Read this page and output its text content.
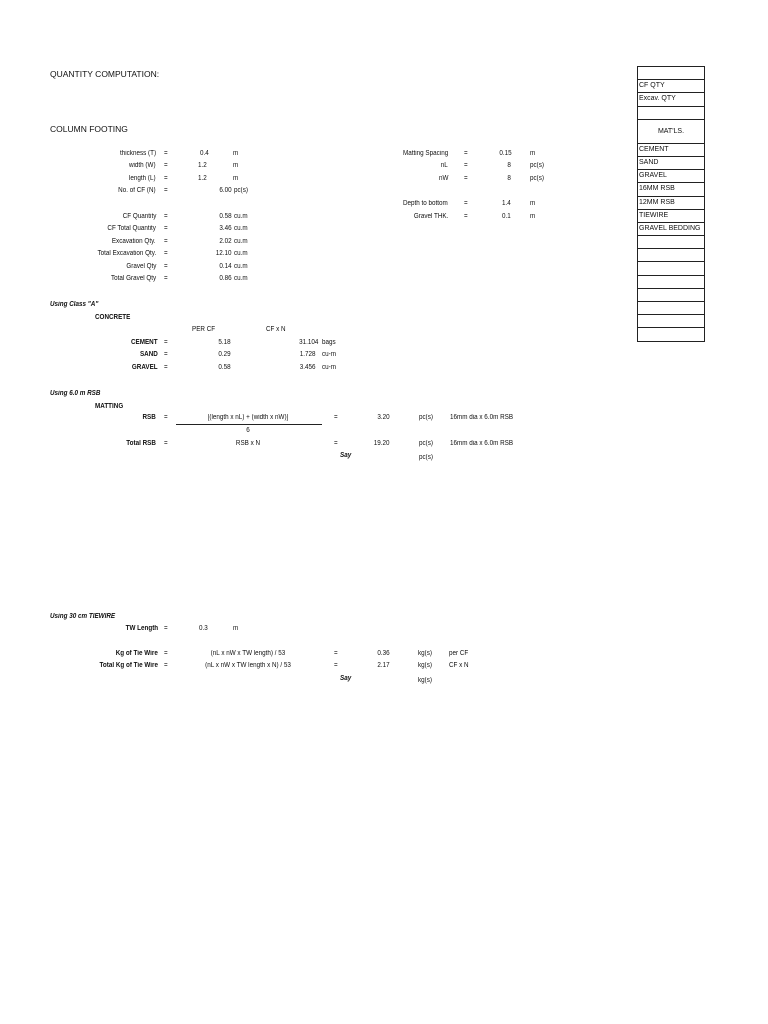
QUANTITY COMPUTATION:
COLUMN FOOTING
thickness (T) =	0.4	m
width (W) =	1.2	m
length (L) =	1.2	m
No. of CF (N) =	6.00 pc(s)
CF Quantity =	0.58 cu.m
CF Total Quantity =	3.46 cu.m
Excavation Qty. =	2.02 cu.m
Total Excavation Qty. =	12.10 cu.m
Gravel Qty =	0.14 cu.m
Total Gravel Qty =	0.86 cu.m
Matting Spacing =	0.15	m
nL =	8	pc(s)
nW =	8	pc(s)
Depth to bottom =	1.4	m
Gravel THK. =	0.1	m
Using Class "A"
CONCRETE
PER CF	CF x N
CEMENT =	5.18	31.104 bags
SAND =	0.29	1.728 cu-m
GRAVEL =	0.58	3.456 cu-m
Using 6.0 m RSB
MATTING
RSB =	[(length x nL) + (width x nW)]
6
=	3.20	pc(s) 16mm dia x 6.0m RSB
Total RSB =	RSB x N	=	19.20	pc(s) 16mm dia x 6.0m RSB
Say	pc(s)
Using 30 cm TIEWIRE
TW Length =	0.3	m
Kg of Tie Wire =	(nL x nW x TW length) / 53	=	0.36	kg(s) per CF
Total Kg of Tie Wire =	(nL x nW x TW length x N) / 53	=	2.17	kg(s) CF x N
Say	kg(s)
CF QTY
Excav. QTY
MAT'LS.
CEMENT
SAND
GRAVEL
16MM RSB
12MM RSB
TIEWIRE
GRAVEL BEDDING
